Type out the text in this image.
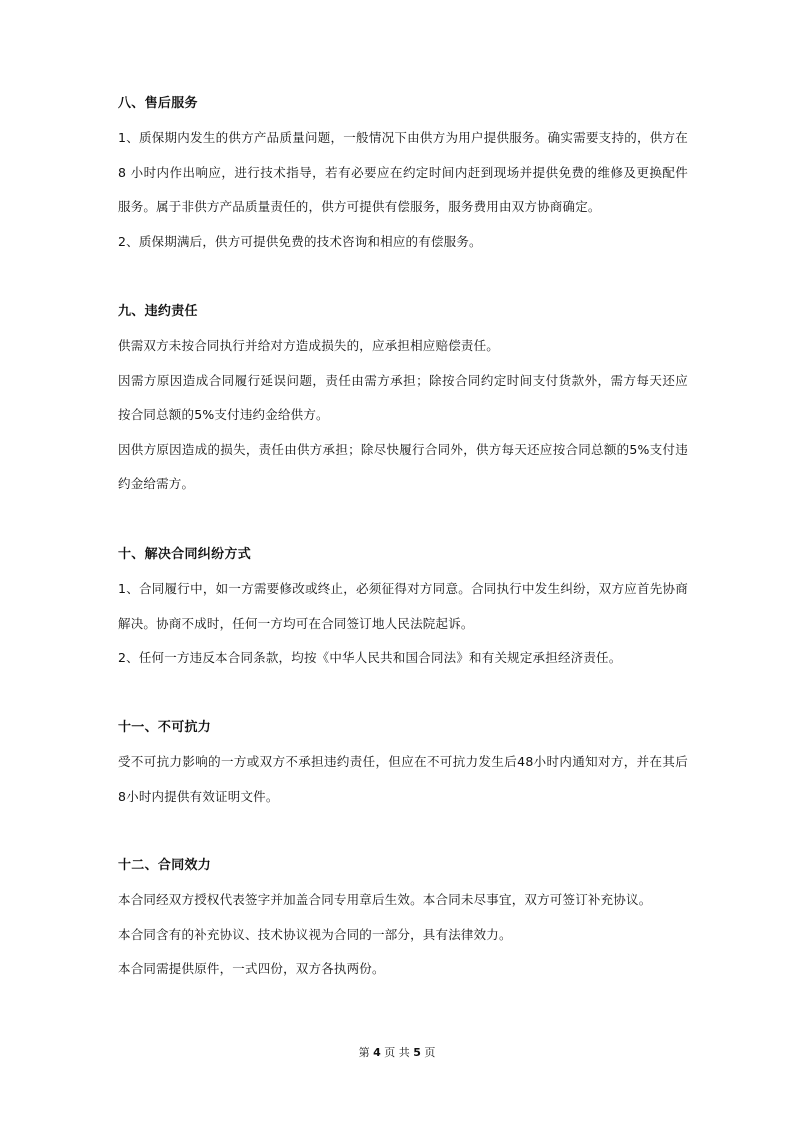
八、售后服务
1、质保期内发生的供方产品质量问题，一般情况下由供方为用户提供服务。确实需要支持的，供方在 8 小时内作出响应，进行技术指导，若有必要应在约定时间内赶到现场并提供免费的维修及更换配件服务。属于非供方产品质量责任的，供方可提供有偿服务，服务费用由双方协商确定。
2、质保期满后，供方可提供免费的技术咨询和相应的有偿服务。
九、违约责任
供需双方未按合同执行并给对方造成损失的，应承担相应赔偿责任。
因需方原因造成合同履行延误问题，责任由需方承担；除按合同约定时间支付货款外，需方每天还应按合同总额的5%支付违约金给供方。
因供方原因造成的损失，责任由供方承担；除尽快履行合同外，供方每天还应按合同总额的5%支付违约金给需方。
十、解决合同纠纷方式
1、合同履行中，如一方需要修改或终止，必须征得对方同意。合同执行中发生纠纷，双方应首先协商解决。协商不成时，任何一方均可在合同签订地人民法院起诉。
2、任何一方违反本合同条款，均按《中华人民共和国合同法》和有关规定承担经济责任。
十一、不可抗力
受不可抗力影响的一方或双方不承担违约责任，但应在不可抗力发生后48小时内通知对方，并在其后8小时内提供有效证明文件。
十二、合同效力
本合同经双方授权代表签字并加盖合同专用章后生效。本合同未尽事宜，双方可签订补充协议。
本合同含有的补充协议、技术协议视为合同的一部分，具有法律效力。
本合同需提供原件，一式四份，双方各执两份。
第 4 页 共 5 页
